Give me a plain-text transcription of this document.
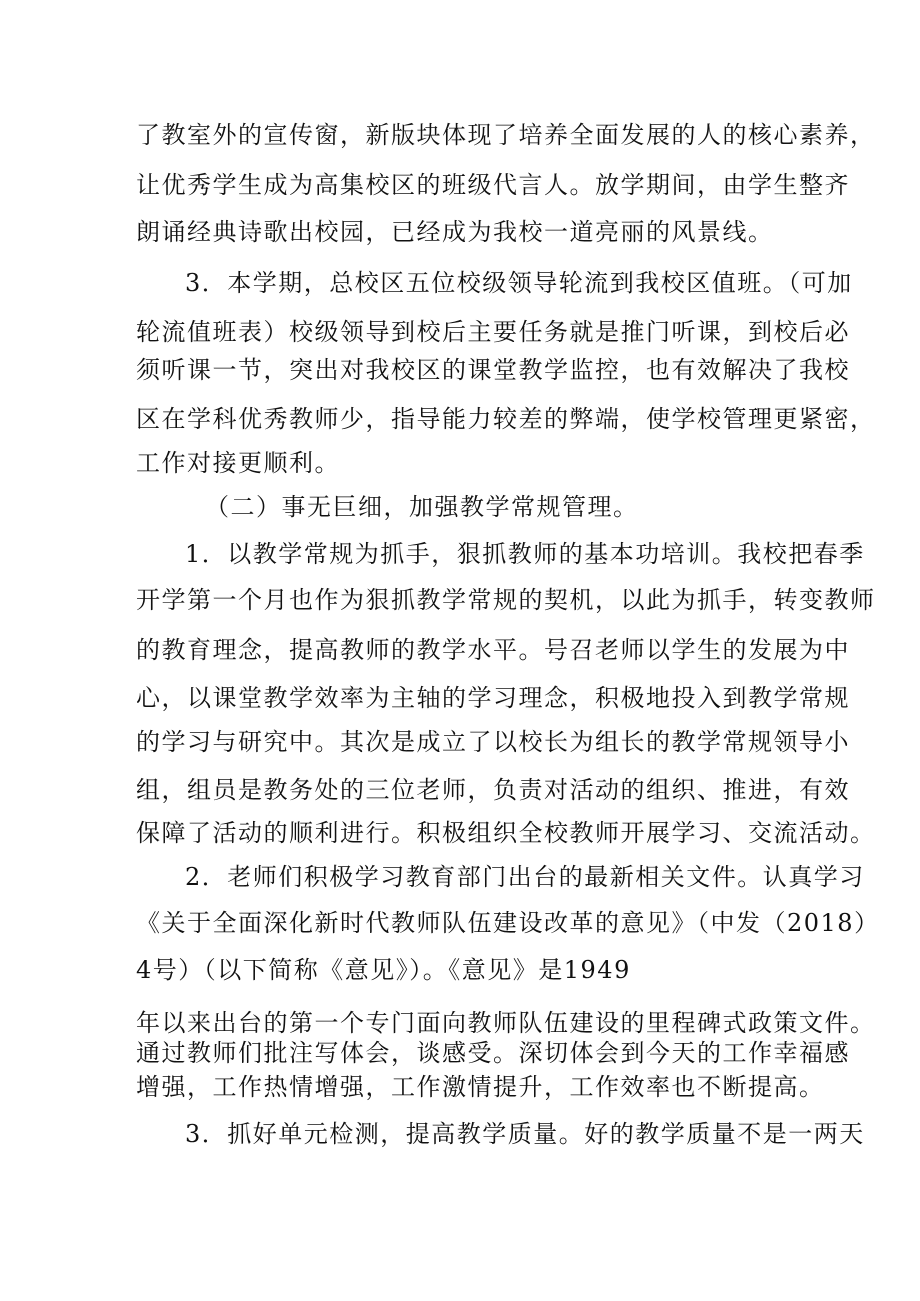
了教室外的宣传窗，新版块体现了培养全面发展的人的核心素养，
让优秀学生成为高集校区的班级代言人。放学期间，由学生整齐
朗诵经典诗歌出校园，已经成为我校一道亮丽的风景线。
3．本学期，总校区五位校级领导轮流到我校区值班。（可加
轮流值班表）校级领导到校后主要任务就是推门听课，到校后必
须听课一节，突出对我校区的课堂教学监控，也有效解决了我校
区在学科优秀教师少，指导能力较差的弊端，使学校管理更紧密，
工作对接更顺利。
（二）事无巨细，加强教学常规管理。
1．以教学常规为抓手，狠抓教师的基本功培训。我校把春季
开学第一个月也作为狠抓教学常规的契机，以此为抓手，转变教师
的教育理念，提高教师的教学水平。号召老师以学生的发展为中
心，以课堂教学效率为主轴的学习理念，积极地投入到教学常规
的学习与研究中。其次是成立了以校长为组长的教学常规领导小
组，组员是教务处的三位老师，负责对活动的组织、推进，有效
保障了活动的顺利进行。积极组织全校教师开展学习、交流活动。
2．老师们积极学习教育部门出台的最新相关文件。认真学习
《关于全面深化新时代教师队伍建设改革的意见》（中发（2018）
4号）（以下简称《意见》）。《意见》是1949
年以来出台的第一个专门面向教师队伍建设的里程碑式政策文件。
通过教师们批注写体会，谈感受。深切体会到今天的工作幸福感
增强，工作热情增强，工作激情提升，工作效率也不断提高。
3．抓好单元检测，提高教学质量。好的教学质量不是一两天
